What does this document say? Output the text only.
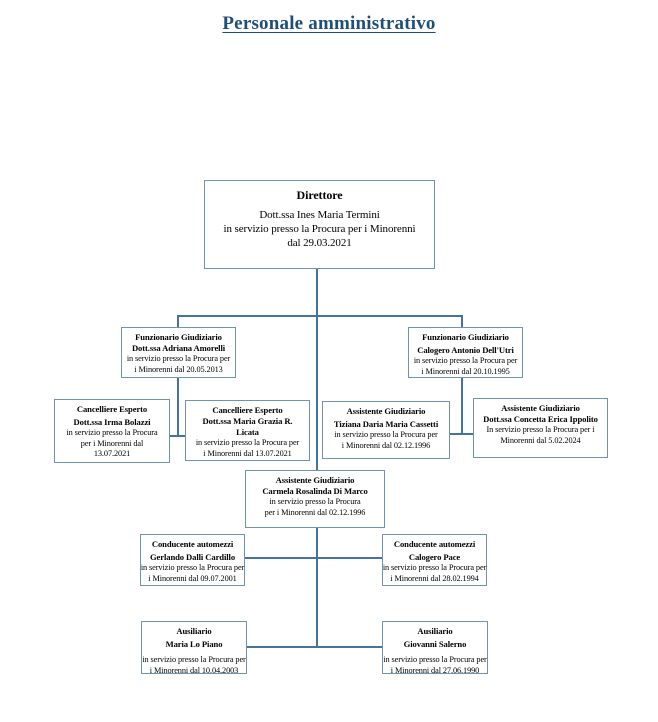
Personale amministrativo
Direttore
Dott.ssa Ines Maria Termini
in servizio presso la Procura per i Minorenni
dal 29.03.2021
Funzionario Giudiziario
Dott.ssa Adriana Amorelli
in servizio presso la Procura per
i Minorenni dal 20.05.2013
Funzionario Giudiziario
Calogero Antonio Dell'Utri
in servizio presso la Procura per
i Minorenni dal 20.10.1995
Cancelliere Esperto
Dott.ssa Irma Bolazzi
in servizio presso la Procura
per i Minorenni dal
13.07.2021
Cancelliere Esperto
Dott.ssa Maria Grazia R.
Licata
in servizio presso la Procura per
i Minorenni dal 13.07.2021
Assistente Giudiziario
Tiziana Daria Maria Cassetti
in servizio presso la Procura per
i Minorenni dal 02.12.1996
Assistente Giudiziario
Dott.ssa Concetta Erica Ippolito
In servizio presso la Procura per i
Minorenni dal 5.02.2024
Assistente Giudiziario
Carmela Rosalinda Di Marco
in servizio presso la Procura
per i Minorenni dal 02.12.1996
Conducente automezzi
Gerlando Dalli Cardillo
in servizio presso la Procura per
i Minorenni dal 09.07.2001
Conducente automezzi
Calogero Pace
in servizio presso la Procura per
i Minorenni dal 28.02.1994
Ausiliario
Maria Lo Piano
in servizio presso la Procura per
i Minorenni dal 10.04.2003
Ausiliario
Giovanni Salerno
in servizio presso la Procura per
i Minorenni dal 27.06.1990
